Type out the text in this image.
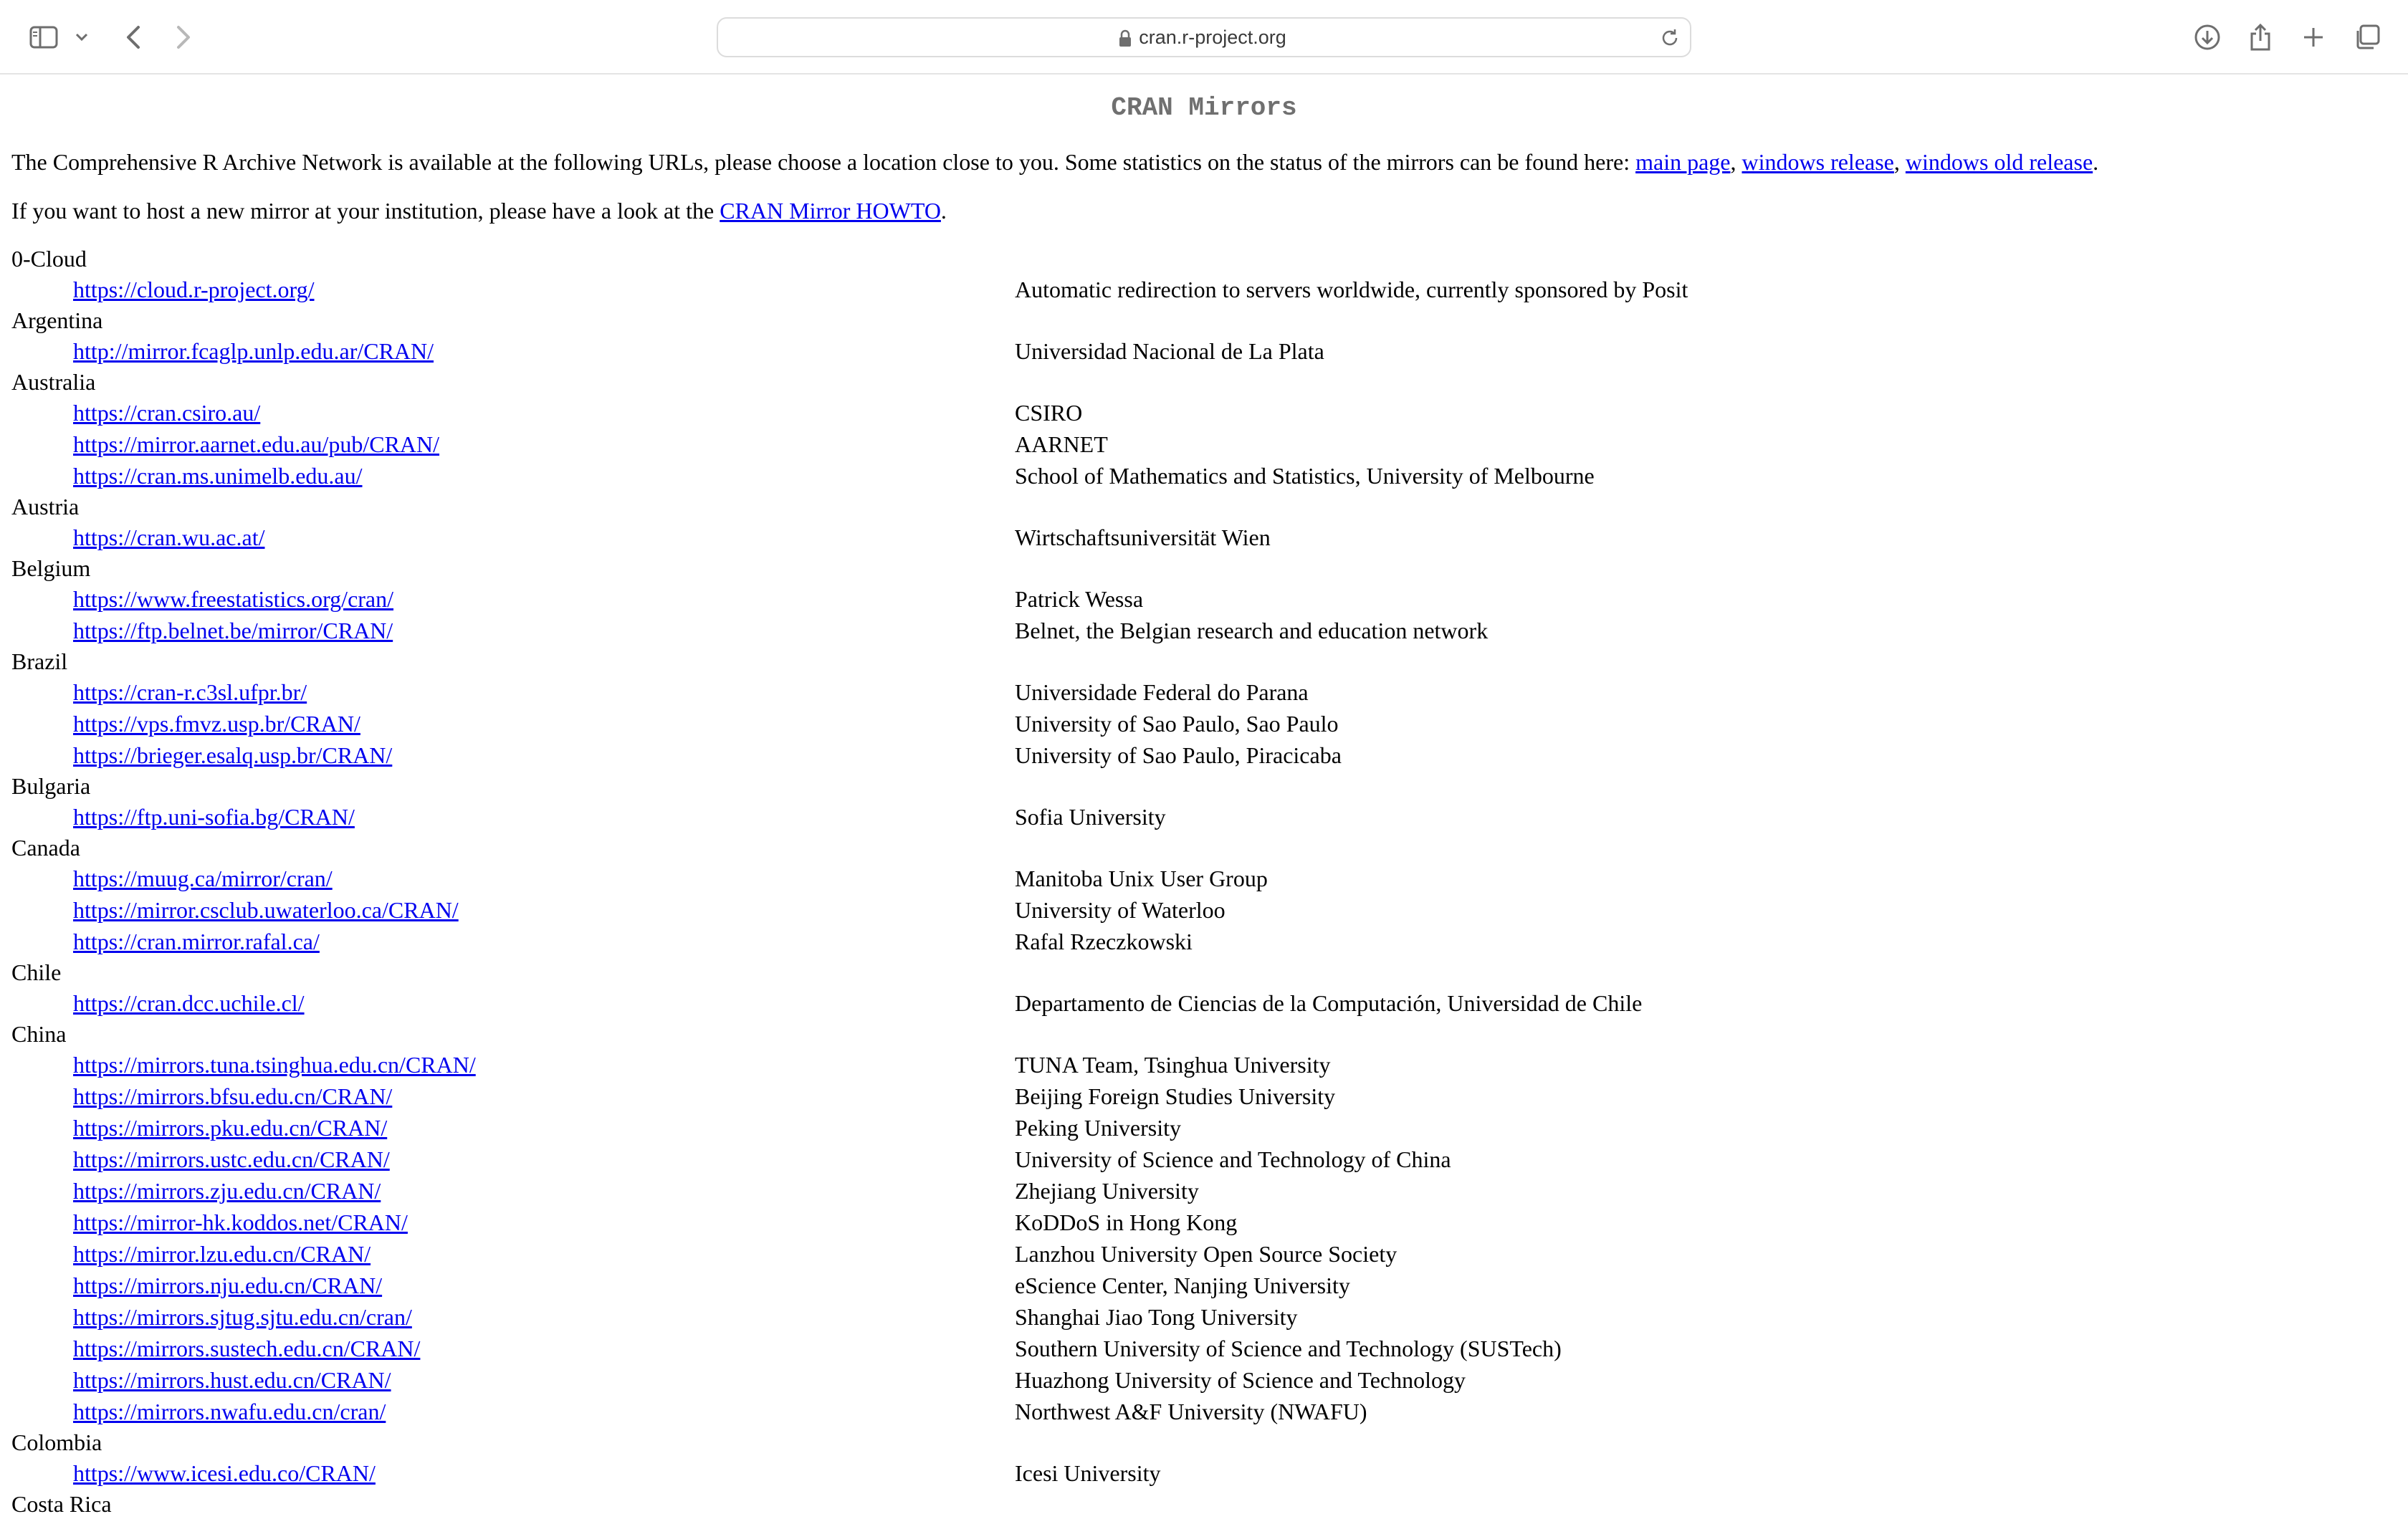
cran.r-project.org
CRAN Mirrors

The Comprehensive R Archive Network is available at the following URLs, please choose a location close to you. Some statistics on the status of the mirrors can be found here: main page, windows release, windows old release.

If you want to host a new mirror at your institution, please have a look at the CRAN Mirror HOWTO.

0-Cloud
https://cloud.r-project.org/	Automatic redirection to servers worldwide, currently sponsored by Posit
Argentina
http://mirror.fcaglp.unlp.edu.ar/CRAN/	Universidad Nacional de La Plata
Australia
https://cran.csiro.au/	CSIRO
https://mirror.aarnet.edu.au/pub/CRAN/	AARNET
https://cran.ms.unimelb.edu.au/	School of Mathematics and Statistics, University of Melbourne
Austria
https://cran.wu.ac.at/	Wirtschaftsuniversität Wien
Belgium
https://www.freestatistics.org/cran/	Patrick Wessa
https://ftp.belnet.be/mirror/CRAN/	Belnet, the Belgian research and education network
Brazil
https://cran-r.c3sl.ufpr.br/	Universidade Federal do Parana
https://vps.fmvz.usp.br/CRAN/	University of Sao Paulo, Sao Paulo
https://brieger.esalq.usp.br/CRAN/	University of Sao Paulo, Piracicaba
Bulgaria
https://ftp.uni-sofia.bg/CRAN/	Sofia University
Canada
https://muug.ca/mirror/cran/	Manitoba Unix User Group
https://mirror.csclub.uwaterloo.ca/CRAN/	University of Waterloo
https://cran.mirror.rafal.ca/	Rafal Rzeczkowski
Chile
https://cran.dcc.uchile.cl/	Departamento de Ciencias de la Computación, Universidad de Chile
China
https://mirrors.tuna.tsinghua.edu.cn/CRAN/	TUNA Team, Tsinghua University
https://mirrors.bfsu.edu.cn/CRAN/	Beijing Foreign Studies University
https://mirrors.pku.edu.cn/CRAN/	Peking University
https://mirrors.ustc.edu.cn/CRAN/	University of Science and Technology of China
https://mirrors.zju.edu.cn/CRAN/	Zhejiang University
https://mirror-hk.koddos.net/CRAN/	KoDDoS in Hong Kong
https://mirror.lzu.edu.cn/CRAN/	Lanzhou University Open Source Society
https://mirrors.nju.edu.cn/CRAN/	eScience Center, Nanjing University
https://mirrors.sjtug.sjtu.edu.cn/cran/	Shanghai Jiao Tong University
https://mirrors.sustech.edu.cn/CRAN/	Southern University of Science and Technology (SUSTech)
https://mirrors.hust.edu.cn/CRAN/	Huazhong University of Science and Technology
https://mirrors.nwafu.edu.cn/cran/	Northwest A&F University (NWAFU)
Colombia
https://www.icesi.edu.co/CRAN/	Icesi University
Costa Rica
